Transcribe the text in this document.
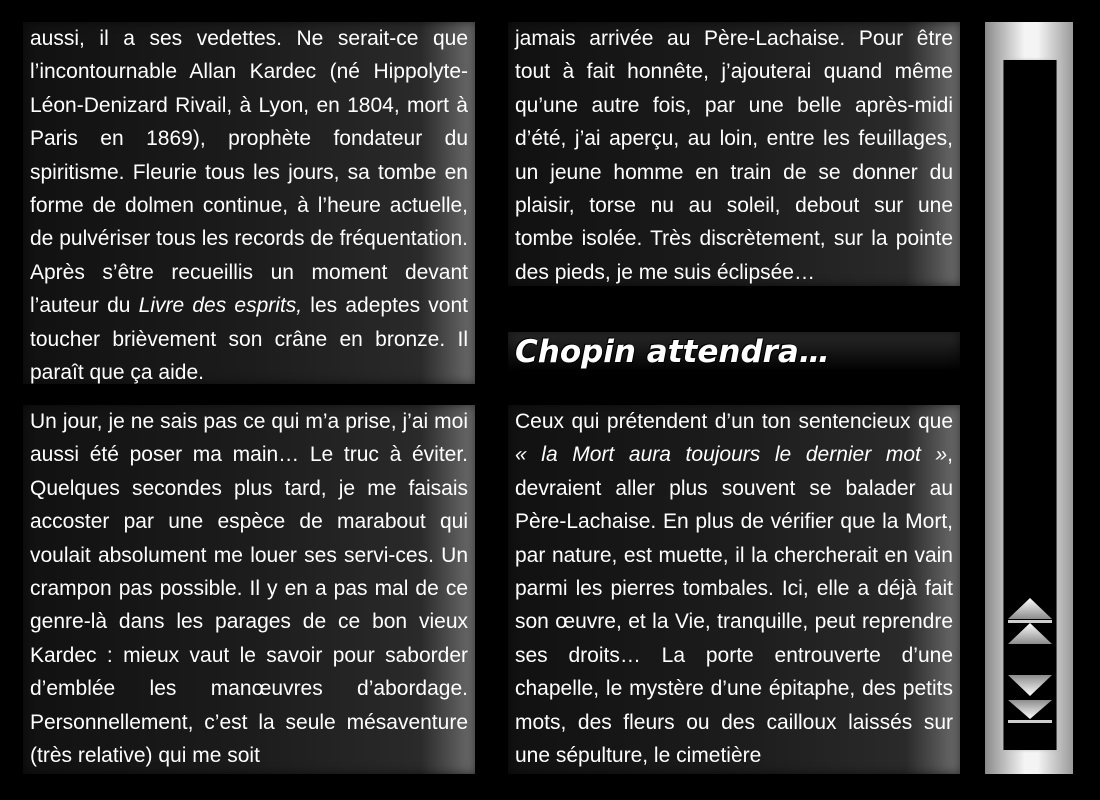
aussi, il a ses vedettes. Ne serait-ce que l’incontournable Allan Kardec (né Hippolyte-Léon-Denizard Rivail, à Lyon, en 1804, mort à Paris en 1869), prophète fondateur du spiritisme. Fleurie tous les jours, sa tombe en forme de dolmen continue, à l’heure actuelle, de pulvériser tous les records de fréquentation. Après s’être recueillis un moment devant l’auteur du Livre des esprits, les adeptes vont toucher brièvement son crâne en bronze. Il paraît que ça aide.

Un jour, je ne sais pas ce qui m’a prise, j’ai moi aussi été poser ma main… Le truc à éviter. Quelques secondes plus tard, je me faisais accoster par une espèce de marabout qui voulait absolument me louer ses servi-ces. Un crampon pas possible. Il y en a pas mal de ce genre-là dans les parages de ce bon vieux Kardec : mieux vaut le savoir pour saborder d’emblée les manœuvres d’abordage. Personnellement, c’est la seule mésaventure (très relative) qui me soit

jamais arrivée au Père-Lachaise. Pour être tout à fait honnête, j’ajouterai quand même qu’une autre fois, par une belle après-midi d’été, j’ai aperçu, au loin, entre les feuillages, un jeune homme en train de se donner du plaisir, torse nu au soleil, debout sur une tombe isolée. Très discrètement, sur la pointe des pieds, je me suis éclipsée…

Chopin attendra…

Ceux qui prétendent d’un ton sentencieux que « la Mort aura toujours le dernier mot », devraient aller plus souvent se balader au Père-Lachaise. En plus de vérifier que la Mort, par nature, est muette, il la chercherait en vain parmi les pierres tombales. Ici, elle a déjà fait son œuvre, et la Vie, tranquille, peut reprendre ses droits… La porte entrouverte d’une chapelle, le mystère d’une épitaphe, des petits mots, des fleurs ou des cailloux laissés sur une sépulture, le cimetière
